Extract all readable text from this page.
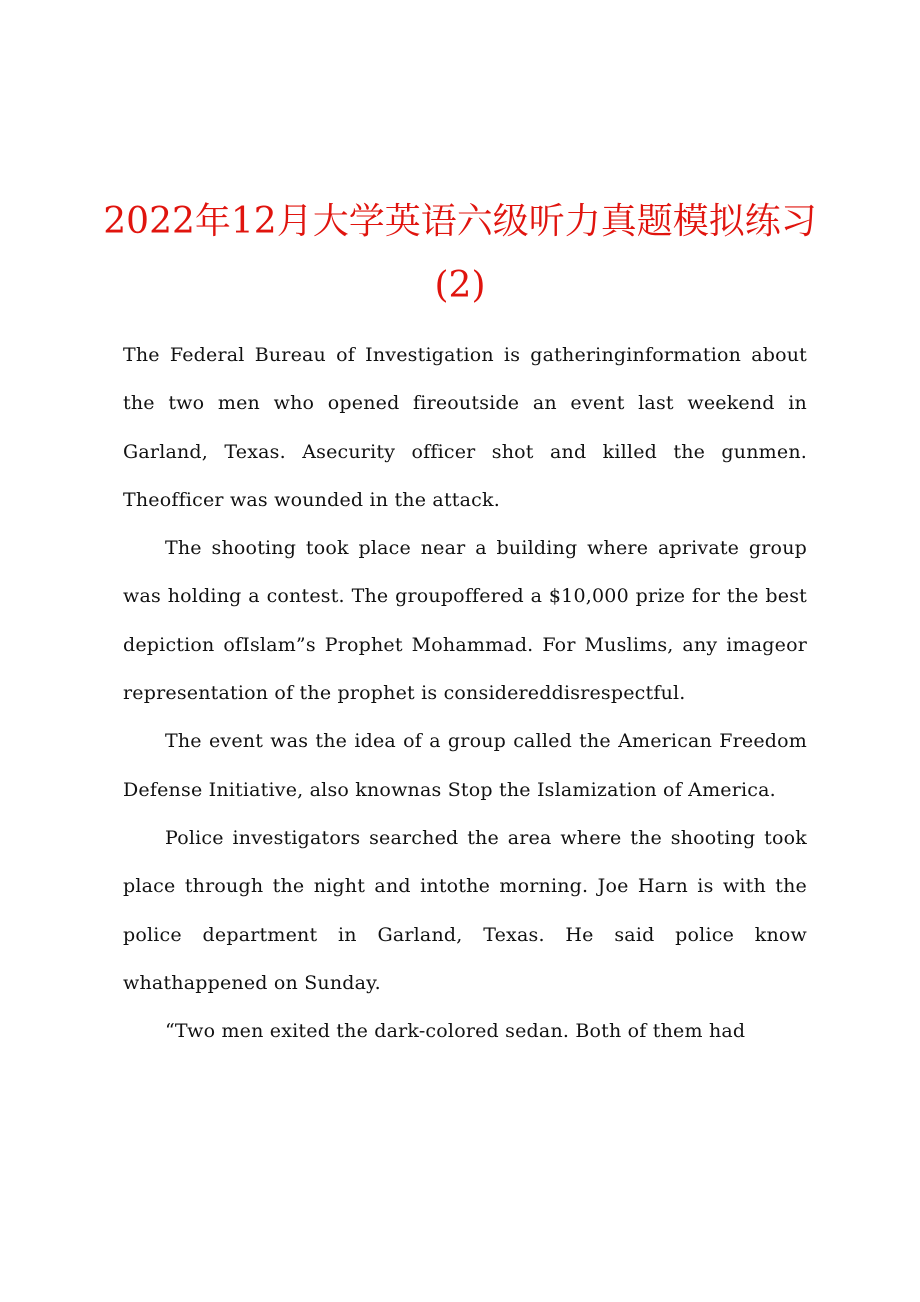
2022年12月大学英语六级听力真题模拟练习
(2)

The Federal Bureau of Investigation is gatheringinformation about the two men who opened fireoutside an event last weekend in Garland, Texas. Asecurity officer shot and killed the gunmen. Theofficer was wounded in the attack.

The shooting took place near a building where aprivate group was holding a contest. The groupoffered a $10,000 prize for the best depiction ofIslam”s Prophet Mohammad. For Muslims, any imageor representation of the prophet is considereddisrespectful.

The event was the idea of a group called the American Freedom Defense Initiative, also knownas Stop the Islamization of America.

Police investigators searched the area where the shooting took place through the night and intothe morning. Joe Harn is with the police department in Garland, Texas. He said police know whathappened on Sunday.

“Two men exited the dark-colored sedan. Both of them had
